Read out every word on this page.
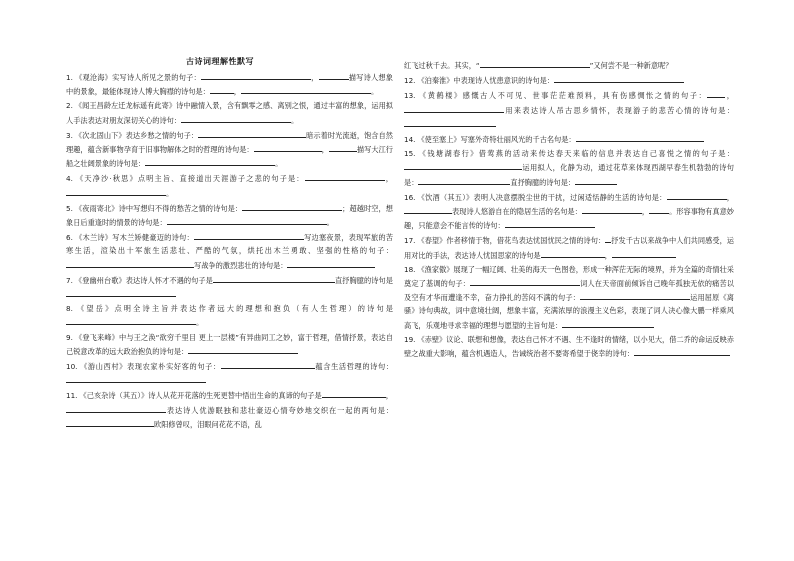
古诗词理解性默写
1. 《观沧海》实写诗人所见之景的句子：	，	描写诗人想象中的景象，最能体现诗人博大胸襟的诗句是：	，	。
2. 《闻王昌龄左迁龙标遥有此寄》诗中融情入景，含有飘零之感、离别之恨，通过丰富的想象，运用拟人手法表达对朋友深切关心的诗句：	。
3. 《次北固山下》表达乡愁之情的句子：	暗示着时光流逝，饱含自然理趣，蕴含新事物孕育于旧事物解体之时的哲理的诗句是：	，	描写大江行船之壮阔景象的诗句是：	。
4. 《天净沙·秋思》点明主旨、直接道出天涯游子之悲的句子是：	，。
5. 《夜雨寄北》诗中写想归不得的愁苦之情的诗句是：	；超越时空，想象日后重逢时的情景的诗句是：	。
6. 《木兰诗》写木兰矫健豪迈的诗句：	写边塞夜景，表现军旅的苦寒生活，渲染出十军旅生活悲壮、严酷的气氛，烘托出木兰勇敢、坚强的性格的句子：写战争的激烈悲壮的诗句是：
7. 《登幽州台歌》表达诗人怀才不遇的句子是	直抒胸臆的诗句是
8. 《望岳》点明全诗主旨并表达作者远大的理想和抱负（有人生哲理）的诗句是。
9. 《登飞来峰》中与王之涣“欲穷千里目 更上一层楼”有异曲同工之妙，富于哲理，借情抒景，表达自己锐意改革的远大政治抱负的诗句是：
10. 《游山西村》表现农家朴实好客的句子：	蕴含生活哲理的诗句：
11. 《己亥杂诗（其五）》诗人从花开花落的生死更替中悟出生命的真谛的句子是	，表达诗人优游眠独和悲壮豪迈心情夸妙地交织在一起的两句是：欧阳修曾叹，泪眼问花花不语，乱
红飞过秋千去。其实，“	”又何尝不是一种新意呢？
12. 《泊秦淮》中表现诗人忧患意识的诗句是：
13. 《黄鹤楼》感慨古人不可见、世事茫茫难预料，具有伤感惆怅之情的句子：	，用来表达诗人吊古思乡情怀，表现游子的悲苦心情的诗句是：
14. 《使至塞上》写塞外奇特壮丽风光的千古名句是：
15. 《钱塘湖春行》借莺燕的活动来传达春天来临的信息并表达自己喜悦之情的句子是：运用拟人，化静为动，通过花草来体现西湖早春生机勃勃的诗句是：	直抒胸臆的诗句是：
16. 《饮酒（其五）》表明人决意摆脱尘世的干扰，过闲适恬静的生活的诗句是：	，表现诗人悠游自在的隐居生活的名句是：	，	。形容事物有真意妙趣，只能意会不能言传的诗句：
17. 《春望》作者移情于物，借花鸟表达忧国忧民之情的诗句： 抒发千古以来战争中人们共同感受，运用对比的手法，表达诗人忧国思家的诗句是	，
18. 《渔家傲》展现了一幅辽阔、壮美的海天一色图卷，形成一种浑茫无际的境界，并为全篇的奇情壮采奠定了基调的句子：	词人在天帝面前倾诉自己晚年孤独无依的痛苦以及空有才华而遭逢不幸，奋力挣扎的苦闷不满的句子：	运用屈原《离骚》诗句典故，词中意境壮阔，想象丰富，充满浓厚的浪漫主义色彩，表现了词人决心像大鹏一样乘风高飞，乐观地寻求幸福的理想与愿望的主旨句是：
19. 《赤壁》议论、联想和想像，表达自己怀才不遇、生不逢时的情绪，以小见大，借二乔的命运反映赤壁之战重大影响，蕴含机遇造人，告诫统治者不要寄希望于侥幸的诗句：
